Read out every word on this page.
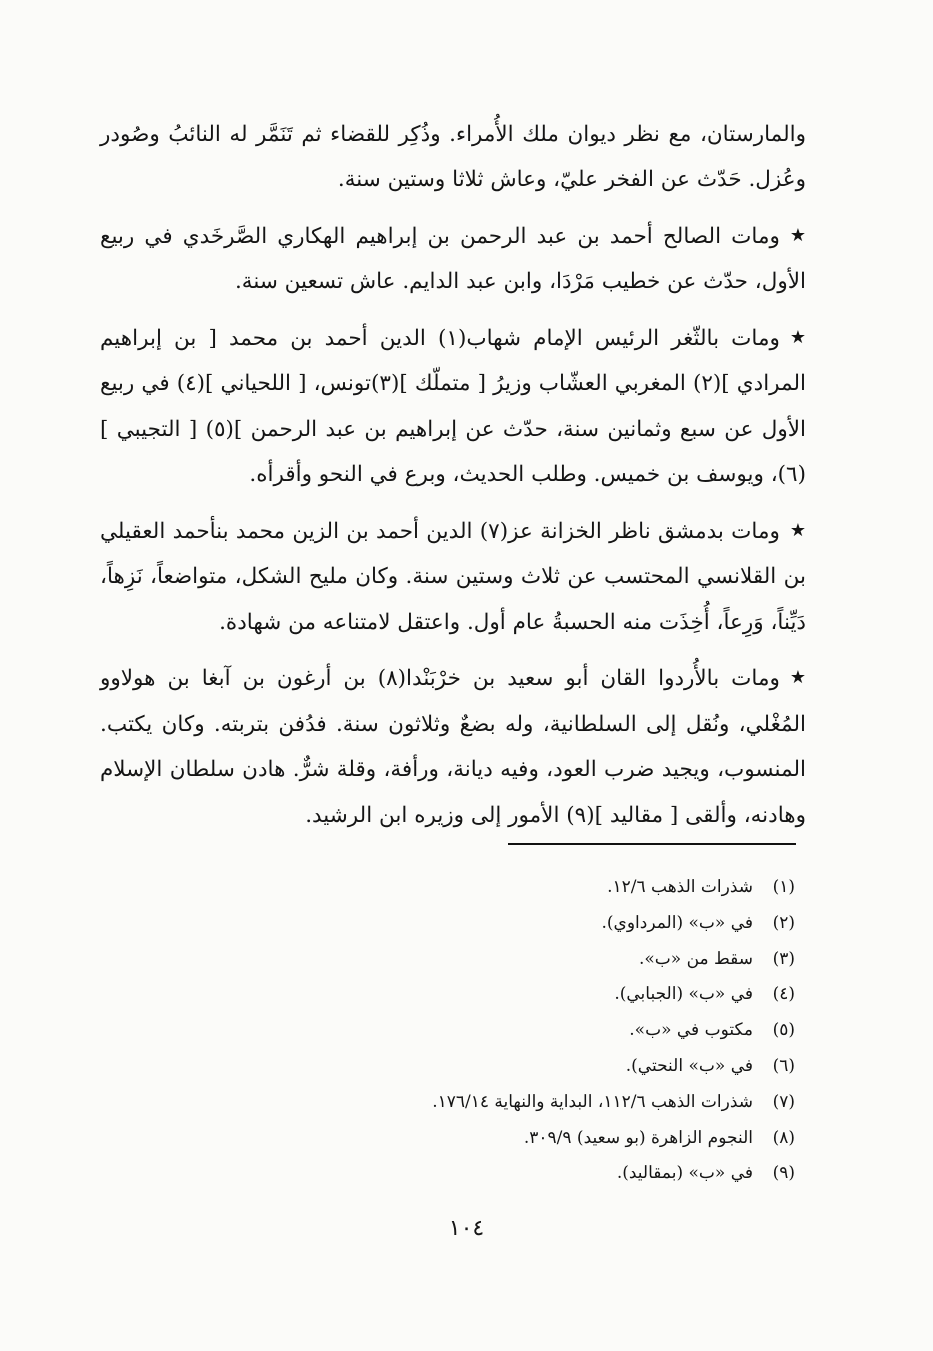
والمارستان، مع نظر ديوان ملك الأُمراء. وذُكِر للقضاء ثم تَنَمَّر له النائبُ وصُودر وعُزل. حَدّث عن الفخر عليّ، وعاش ثلاثا وستين سنة.

★ومات الصالح أحمد بن عبد الرحمن بن إبراهيم الهكاري الصَّرخَدي في ربيع الأول، حدّث عن خطيب مَرْدَا، وابن عبد الدايم. عاش تسعين سنة.

★ومات بالثّغر الرئيس الإمام شهاب(١) الدين أحمد بن محمد [ بن إبراهيم المرادي ](٢) المغربي العشّاب وزيرُ [ متملّك ](٣)تونس، [ اللحياني ](٤) في ربيع الأول عن سبع وثمانين سنة، حدّث عن إبراهيم بن عبد الرحمن ](٥) [ التجيبي ](٦)، ويوسف بن خميس. وطلب الحديث، وبرع في النحو وأقرأه.

★ومات بدمشق ناظر الخزانة عز(٧) الدين أحمد بن الزين محمد بنأحمد العقيلي بن القلانسي المحتسب عن ثلاث وستين سنة. وكان مليح الشكل، متواضعاً، نَزِهاً، دَيِّناً، وَرِعاً، أُخِذَت منه الحسبةُ عام أول. واعتقل لامتناعه من شهادة.

★ومات بالأُردوا القان أبو سعيد بن خرْبَنْدا(٨) بن أرغون بن آبغا بن هولاوو المُغْلي، ونُقل إلى السلطانية، وله بضعٌ وثلاثون سنة. فدُفن بتربته. وكان يكتب. المنسوب، ويجيد ضرب العود، وفيه ديانة، ورأفة، وقلة شرٌّ. هادن سلطان الإسلام وهادنه، وألقى [ مقاليد ](٩) الأمور إلى وزيره ابن الرشيد.

(١)
شذرات الذهب ١٢/٦.
(٢)
في «ب» (المرداوي).
(٣)
سقط من «ب».
(٤)
في «ب» (الجبابي).
(٥)
مكتوب في «ب».
(٦)
في «ب» النحتي).
(٧)
شذرات الذهب ١١٢/٦، البداية والنهاية ١٧٦/١٤.
(٨)
النجوم الزاهرة (بو سعيد) ٣٠٩/٩.
(٩)
في «ب» (بمقاليد).
١٠٤
